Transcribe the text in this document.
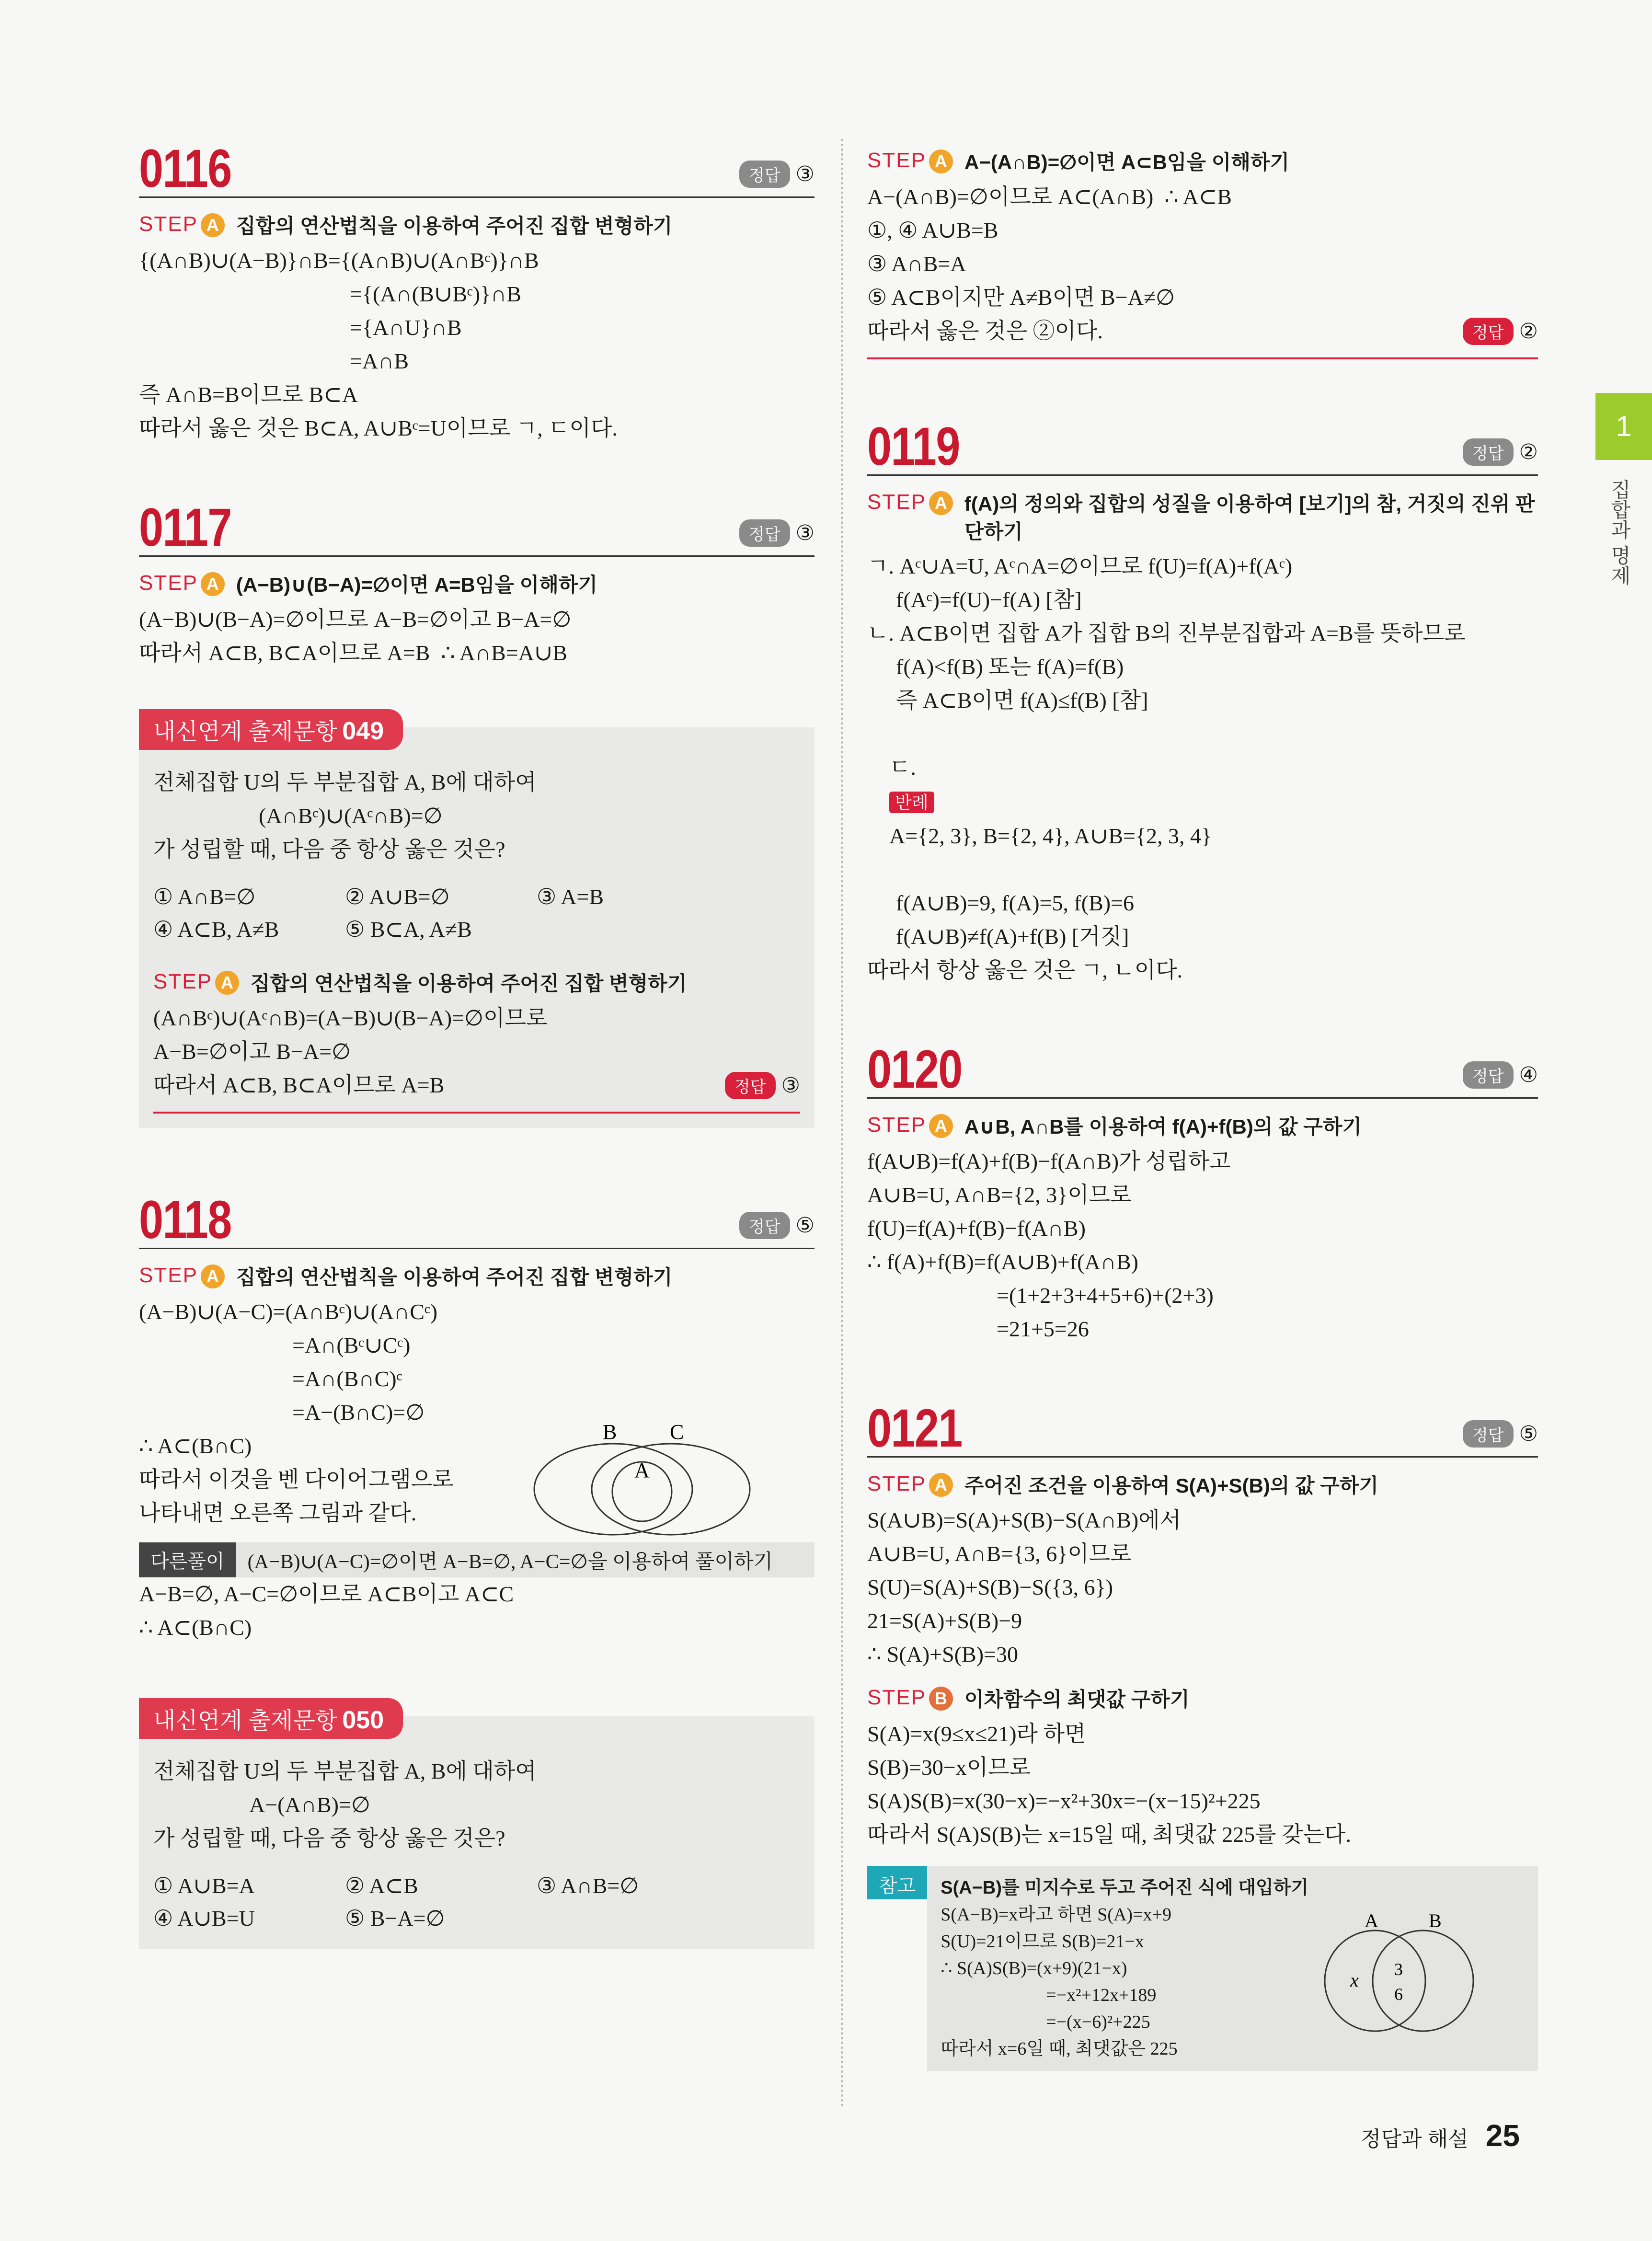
0116	정답 ③
STEP A 집합의 연산법칙을 이용하여 주어진 집합 변형하기
{(A∩B)∪(A−B)}∩B={(A∩B)∪(A∩Bᶜ)}∩B
={(A∩(B∪Bᶜ)}∩B
={A∩U}∩B
=A∩B
즉 A∩B=B이므로 B⊂A
따라서 옳은 것은 B⊂A, A∪Bᶜ=U이므로 ㄱ, ㄷ이다.
0117	정답 ③
STEP A (A−B)∪(B−A)=∅이면 A=B임을 이해하기
(A−B)∪(B−A)=∅이므로 A−B=∅이고 B−A=∅
따라서 A⊂B, B⊂A이므로 A=B  ∴ A∩B=A∪B
내신연계 출제문항 049
전체집합 U의 두 부분집합 A, B에 대하여
(A∩Bᶜ)∪(Aᶜ∩B)=∅
가 성립할 때, 다음 중 항상 옳은 것은?
① A∩B=∅	② A∪B=∅	③ A=B
④ A⊂B, A≠B	⑤ B⊂A, A≠B
STEP A 집합의 연산법칙을 이용하여 주어진 집합 변형하기
(A∩Bᶜ)∪(Aᶜ∩B)=(A−B)∪(B−A)=∅이므로
A−B=∅이고 B−A=∅
따라서 A⊂B, B⊂A이므로 A=B	정답 ③
0118	정답 ⑤
STEP A 집합의 연산법칙을 이용하여 주어진 집합 변형하기
(A−B)∪(A−C)=(A∩Bᶜ)∪(A∩Cᶜ)
=A∩(Bᶜ∪Cᶜ)
=A∩(B∩C)ᶜ
=A−(B∩C)=∅
∴ A⊂(B∩C)
따라서 이것을 벤 다이어그램으로
나타내면 오른쪽 그림과 같다.
B	C
A
다른풀이	(A−B)∪(A−C)=∅이면 A−B=∅, A−C=∅을 이용하여 풀이하기
A−B=∅, A−C=∅이므로 A⊂B이고 A⊂C
∴ A⊂(B∩C)
내신연계 출제문항 050
전체집합 U의 두 부분집합 A, B에 대하여
A−(A∩B)=∅
가 성립할 때, 다음 중 항상 옳은 것은?
① A∪B=A	② A⊂B	③ A∩B=∅
④ A∪B=U	⑤ B−A=∅
STEP A A−(A∩B)=∅이면 A⊂B임을 이해하기
A−(A∩B)=∅이므로 A⊂(A∩B)  ∴ A⊂B
①, ④ A∪B=B
③ A∩B=A
⑤ A⊂B이지만 A≠B이면 B−A≠∅
따라서 옳은 것은 ②이다.	정답 ②
0119	정답 ②
STEP A f(A)의 정의와 집합의 성질을 이용하여 [보기]의 참, 거짓의 진위 판단하기
ㄱ. Aᶜ∪A=U, Aᶜ∩A=∅이므로 f(U)=f(A)+f(Aᶜ)
f(Aᶜ)=f(U)−f(A) [참]
ㄴ. A⊂B이면 집합 A가 집합 B의 진부분집합과 A=B를 뜻하므로
f(A)<f(B) 또는 f(A)=f(B)
즉 A⊂B이면 f(A)≤f(B) [참]

ㄷ.
반례
A={2, 3}, B={2, 4}, A∪B={2, 3, 4}

f(A∪B)=9, f(A)=5, f(B)=6
f(A∪B)≠f(A)+f(B) [거짓]
따라서 항상 옳은 것은 ㄱ, ㄴ이다.
0120	정답 ④
STEP A A∪B, A∩B를 이용하여 f(A)+f(B)의 값 구하기
f(A∪B)=f(A)+f(B)−f(A∩B)가 성립하고
A∪B=U, A∩B={2, 3}이므로
f(U)=f(A)+f(B)−f(A∩B)
∴ f(A)+f(B)=f(A∪B)+f(A∩B)
=(1+2+3+4+5+6)+(2+3)
=21+5=26
0121	정답 ⑤
STEP A 주어진 조건을 이용하여 S(A)+S(B)의 값 구하기
S(A∪B)=S(A)+S(B)−S(A∩B)에서
A∪B=U, A∩B={3, 6}이므로
S(U)=S(A)+S(B)−S({3, 6})
21=S(A)+S(B)−9
∴ S(A)+S(B)=30
STEP B 이차함수의 최댓값 구하기
S(A)=x(9≤x≤21)라 하면
S(B)=30−x이므로
S(A)S(B)=x(30−x)=−x²+30x=−(x−15)²+225
따라서 S(A)S(B)는 x=15일 때, 최댓값 225를 갖는다.
참고	S(A−B)를 미지수로 두고 주어진 식에 대입하기
S(A−B)=x라고 하면 S(A)=x+9
S(U)=21이므로 S(B)=21−x
∴ S(A)S(B)=(x+9)(21−x)
=−x²+12x+189
=−(x−6)²+225
따라서 x=6일 때, 최댓값은 225
A	B
x 3
6
1
집합과 명제
정답과 해설 25
